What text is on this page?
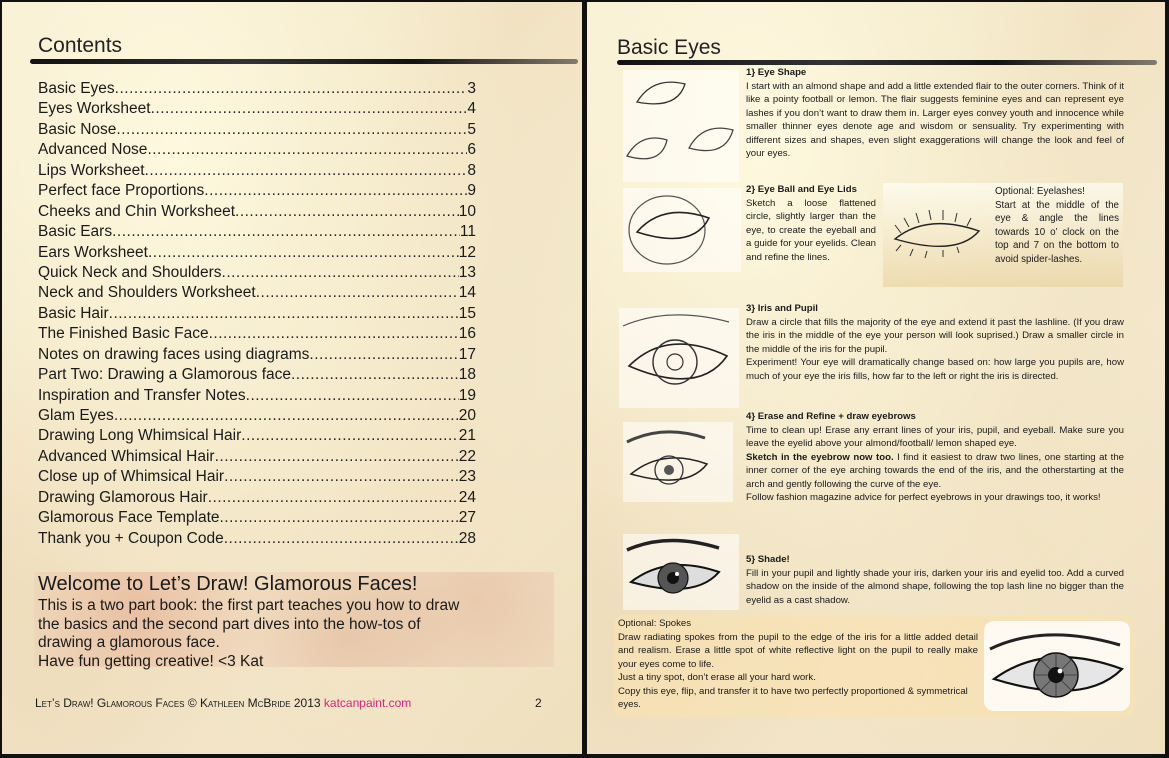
Contents
Basic Eyes .....	3
Eyes Worksheet .....	4
Basic Nose .....	5
Advanced Nose .....	6
Lips Worksheet .....	8
Perfect face Proportions .....	9
Cheeks and Chin Worksheet .....	10
Basic Ears .....	11
Ears Worksheet .....	12
Quick Neck and Shoulders .....	13
Neck and Shoulders Worksheet .....	14
Basic Hair .....	15
The Finished Basic Face .....	16
Notes on drawing faces using diagrams .....	17
Part Two: Drawing a Glamorous face .....	18
Inspiration and Transfer Notes .....	19
Glam Eyes .....	20
Drawing Long Whimsical Hair .....	21
Advanced Whimsical Hair .....	22
Close up of Whimsical Hair .....	23
Drawing Glamorous Hair .....	24
Glamorous Face Template .....	27
Thank you + Coupon Code .....	28
Welcome to Let’s Draw! Glamorous Faces!

This is a two part book: the first part teaches you how to draw

the basics and the second part dives into the how-tos of

drawing a glamorous face.

Have fun getting creative! <3 Kat

Let’s Draw! Glamorous Faces © Kathleen McBride 2013 katcanpaint.com	2
Basic Eyes

1} Eye Shape

I start with an almond shape and add a little extended flair to the outer corners. Think of it like a pointy football or lemon. The flair suggests feminine eyes and can represent eye lashes if you don’t want to draw them in. Larger eyes convey youth and innocence while smaller thinner eyes denote age and wisdom or sensuality. Try experimenting with different sizes and shapes, even slight exaggerations will change the look and feel of your eyes.

2} Eye Ball and Eye Lids

Sketch a loose flattened circle, slightly larger than the eye, to create the eyeball and a guide for your eyelids. Clean and refine the lines.

Optional: Eyelashes!

Start at the middle of the eye & angle the lines towards 10 o’ clock on the top and 7 on the bottom to avoid spider-lashes.

3} Iris and Pupil

Draw a circle that fills the majority of the eye and extend it past the lashline. (If you draw the iris in the middle of the eye your person will look suprised.) Draw a smaller circle in the middle of the iris for the pupil.

Experiment! Your eye will dramatically change based on: how large you pupils are, how much of your eye the iris fills, how far to the left or right the iris is directed.

4} Erase and Refine + draw eyebrows

Time to clean up! Erase any errant lines of your iris, pupil, and eyeball. Make sure you leave the eyelid above your almond/football/ lemon shaped eye.

Sketch in the eyebrow now too. I find it easiest to draw two lines, one starting at the inner corner of the eye arching towards the end of the iris, and the otherstarting at the arch and gently following the curve of the eye.

Follow fashion magazine advice for perfect eyebrows in your drawings too, it works!

5} Shade!

Fill in your pupil and lightly shade your iris, darken your iris and eyelid too. Add a curved shadow on the inside of the almond shape, following the top lash line no bigger than the eyelid as a cast shadow.

Optional: Spokes

Draw radiating spokes from the pupil to the edge of the iris for a little added detail and realism. Erase a little spot of white reflective light on the pupil to really make your eyes come to life.

Just a tiny spot, don’t erase all your hard work.

Copy this eye, flip, and transfer it to have two perfectly proportioned & symmetrical eyes.
